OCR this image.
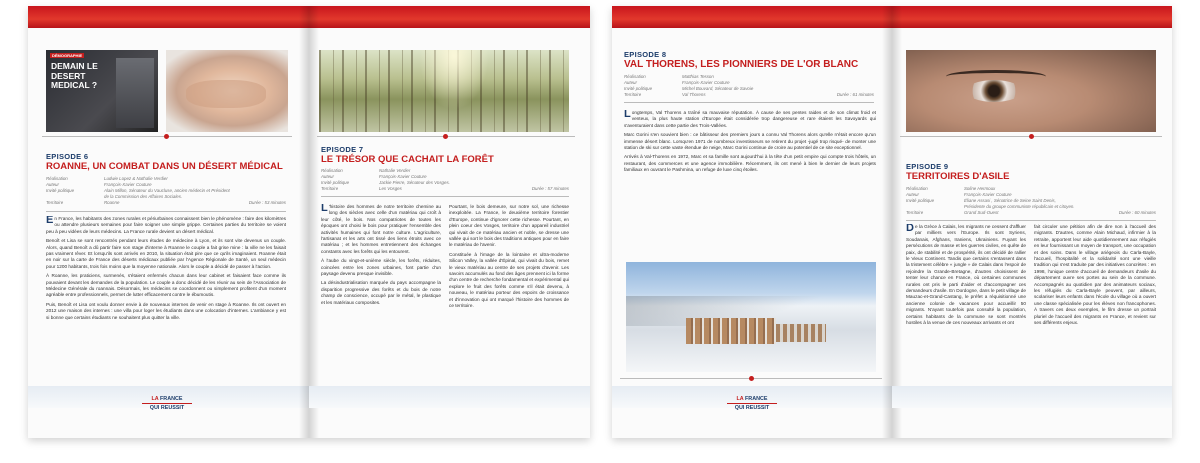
DÉMOGRAPHIE
DEMAIN LE DESERT MEDICAL ?
EPISODE 6
ROANNE, UN COMBAT DANS UN DÉSERT MÉDICAL
Réalisation	Ludwie Lopez & Nathalie Verdier
Auteur	François-Xavier Couture
Invité politique	Alain Millon, Sénateur du Vaucluse, ancien médecin et Président
de la Commission des Affaires Sociales.
Territoire	Roanne	Durée : 53 minutes

En France, les habitants des zones rurales et périurbaines connaissent bien le phénomène : faire des kilomètres ou attendre plusieurs semaines pour faire soigner une simple grippe. Certaines parties du territoire se voient peu à peu vidées de leurs médecins. La France rurale devient un désert médical.

Benoît et Lisa se sont rencontrés pendant leurs études de médecine à Lyon, et ils sont vite devenus un couple. Alors, quand Benoît a dû partir faire son stage d'interne à Roanne le couple a fait grise mine : la ville ne les faisait pas vraiment rêver. Et lorsqu'ils sont arrivés en 2010, la situation était pire que ce qu'ils imaginaient. Roanne était en noir sur la carte de France des déserts médicaux publiée par l'Agence Régionale de Santé, un seul médecin pour 1200 habitants, trois fois moins que la moyenne nationale. Alors le couple a décidé de passer à l'action.

À Roanne, les praticiens, surmenés, s'étaient enfermés chacun dans leur cabinet et faisaient face comme ils pouvaient devant les demandes de la population. Le couple a donc décidé de les réunir au sein de l'Association de Médecine Générale du roannais. Désormais, les médecins se coordonnent ou simplement profitent d'un moment agréable entre professionnels, permet de lutter efficacement contre le ébumoutis.

Puis, Benoît et Lisa ont voulu donner envie à de nouveaux internes de venir en stage à Roanne. Ils ont ouvert en 2012 une maison des internes : une villa pour loger les étudiants dans une colocation d'internes. L'ambiance y est si bonne que certains étudiants ne souhaitent plus quitter la ville.

LA FRANCE
QUI REUSSIT
EPISODE 7
LE TRÉSOR QUE CACHAIT LA FORÊT
Réalisation	Nathalie Verdier
Auteur	François-Xavier Couture
Invité politique	Jackie Pierre, Sénateur des Vosges.
Territoire	Les Vosges	Durée : 57 minutes

L 'histoire des hommes de notre territoire chemine au long des siècles avec celle d'un matériau qui croît à leur côté, le bois. Nos compatriotes de toutes les époques ont choisi le bois pour pratiquer l'ensemble des activités humaines qui font notre culture. L'agriculture, l'artisanat et les arts ont tissé des liens étroits avec ce matériau ; et les hommes entretiennent des échanges constants avec les forêts qui les entourent.

À l'aube du vingt-et-unième siècle, les forêts, réduites, coincées entre les zones urbaines, font partie d'un paysage devenu presque invisible.

La désindustrialisation marquée du pays accompagne la disparition progressive des forêts et du bois de notre champ de conscience, occupé par le métal, le plastique et les matériaux composites.

Pourtant, le bois demeure, sur notre sol, une richesse inexploitée. La France, le deuxième territoire forestier d'Europe, continue d'ignorer cette richesse. Pourtant, en plein coeur des Vosges, territoire d'un appareil industriel qui vivait de ce matériau ancien et noble, se dresse une vallée qui sort le bois des traditions antiques pour en faire le matériau de l'avenir.

Constituée à l'image de la lointaine et ultra-moderne Silicon Valley, la vallée d'Épinal, qui vivait du bois, remet le vieux matériau au centre de ses projets d'avenir. Les savoirs accumulés au fond des âges prennent ici la forme d'un centre de recherche fondamental et expérimental qui explore le fruit des forêts comme s'il était devenu, à nouveau, le matériau porteur des espoirs de croissance et d'innovation qui ont marqué l'histoire des hommes de ce territoire.

EPISODE 8
VAL THORENS, LES PIONNIERS DE L'OR BLANC
Réalisation	Matthias Tesson
Auteur	François-Xavier Couture
Invité politique	Michel Bouvard, Sénateur de Savoie
Territoire	Val Thorens	Durée : 61 minutes

Longtemps, Val Thorens a traîné sa mauvaise réputation. À cause de ses pentes raides et de son climat froid et venteux, la plus haute station d'Europe était considérée trop dangereuse et rare étaient les Savoyards qui s'aventuraient dans cette partie des Trois-Vallées.

Marc Gorini s'en souvient bien : ce bâtisseur des premiers jours a connu Val Thorens alors qu'elle n'était encore qu'un immense désert blanc. Lorsqu'en 1971 de nombreux investisseurs se retirent du projet -jugé trop risqué- de monter une station de ski sur cette vaste étendue de neige, Marc Gorini continue de croire au potentiel de ce site exceptionnel.

Arrivés à Val-Thorens en 1972, Marc et sa famille sont aujourd'hui à la tête d'un petit empire qui compte trois hôtels, un restaurant, des commerces et une agence immobilière. Récemment, ils ont mené à bien le dernier de leurs projets familiaux en ouvrant le Pashmina, un refuge de luxe cinq étoiles.

LA FRANCE
QUI REUSSIT
EPISODE 9
TERRITOIRES D'ASILE
Réalisation	Soline Hermoux
Auteur	François-Xavier Couture
Invité politique	Éliane Assasi , Sénatrice de Seine Saint Denis,
Présidente du groupe communiste républicain et citoyen.
Territoire	Grand Sud-Ouest	Durée : 60 minutes

De la Grèce à Calais, les migrants ne cessent d'affluer par milliers vers l'Europe. Ils sont Syriens, Soudanais, Afghans, Iraniens, Ukrainiens. Fuyant les persécutions de masse et les guerres civiles, en quête de paix, de stabilité et de prospérité, ils ont décidé de rallier le Vieux Continent. Tandis que certains s'entassent dans la tristement célèbre « jungle » de Calais dans l'espoir de rejoindre la Grande-Bretagne, d'autres choisissent de tenter leur chance en France, où certaines communes rurales ont pris le parti d'aider et d'accompagner ces demandeurs d'asile. En Dordogne, dans le petit village de Mauzac-et-Grand-Castang, le préfet a réquisitionné une ancienne colonie de vacances pour accueillir 50 migrants. N'ayant toutefois pas consulté la population, certains habitants de la commune se sont montrés hostiles à la venue de ces nouveaux arrivants et ont

fait circuler une pétition afin de dire non à l'accueil des migrants. D'autres, comme Alain Michaud, infirmier à la retraite, apportent leur aide quotidiennement aux réfugiés en leur fournissant un moyen de transport, une occupation et des soins. Dans le village ariégeois du Carla-Bayle, l'accueil, l'hospitalité et la solidarité sont une vieille tradition qui s'est traduite par des initiatives concrètes : en 1998, l'unique centre d'accueil de demandeurs d'asile du département ouvre ses portes au sein de la commune. Accompagnés au quotidien par des animateurs sociaux, les réfugiés du Carla-Bayle peuvent, par ailleurs, scolariser leurs enfants dans l'école du village où a ouvert une classe spécialisée pour les élèves non francophones. À travers ces deux exemples, le film dresse un portrait pluriel de l'accueil des migrants en France, et revient sur ses différents enjeux.
